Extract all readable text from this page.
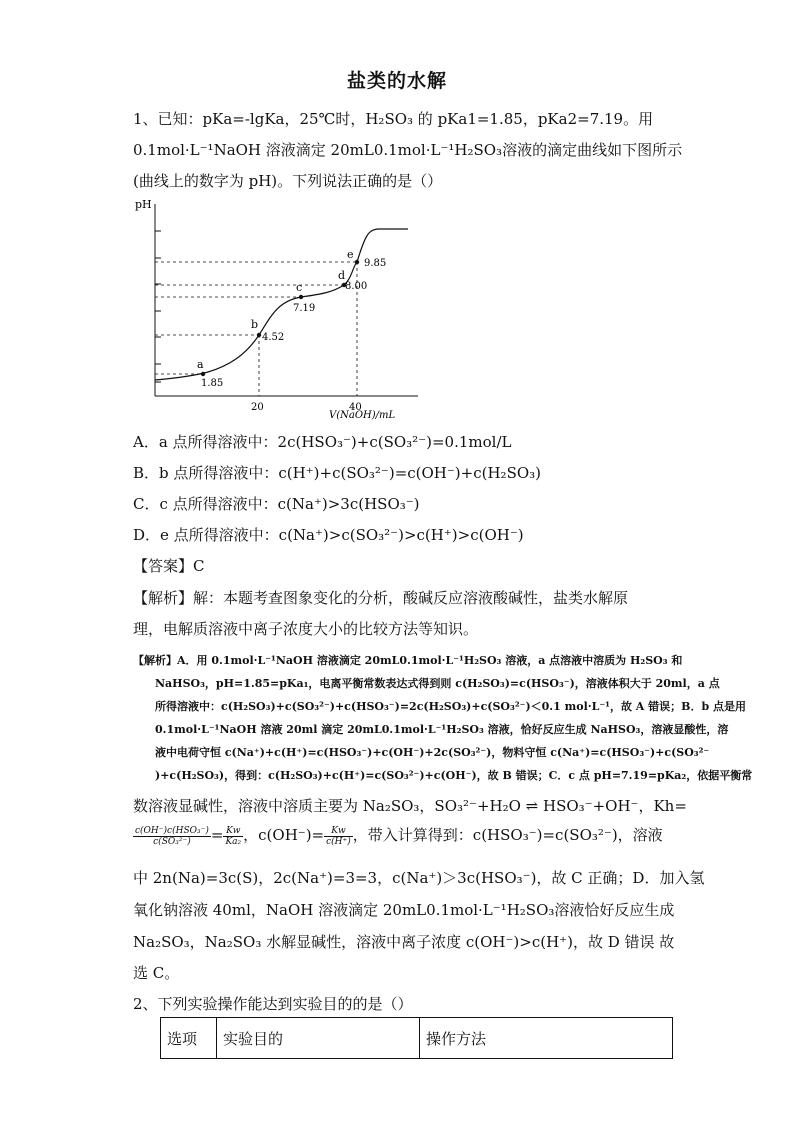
盐类的水解
1、已知：pKa=-lgKa，25℃时，H₂SO₃ 的 pKa1=1.85，pKa2=7.19。用
0.1mol·L⁻¹NaOH 溶液滴定 20mL0.1mol·L⁻¹H₂SO₃溶液的滴定曲线如下图所示
(曲线上的数字为 pH)。下列说法正确的是（）
pH
a
1.85
b
4.52
c
7.19
d
8.00
e
9.85
20	40
V(NaOH)/mL
A．a 点所得溶液中：2c(HSO₃⁻)+c(SO₃²⁻)=0.1mol/L
B．b 点所得溶液中：c(H⁺)+c(SO₃²⁻)=c(OH⁻)+c(H₂SO₃)
C．c 点所得溶液中：c(Na⁺)>3c(HSO₃⁻)
D．e 点所得溶液中：c(Na⁺)>c(SO₃²⁻)>c(H⁺)>c(OH⁻)
【答案】C
【解析】解：本题考查图象变化的分析，酸碱反应溶液酸碱性，盐类水解原
理，电解质溶液中离子浓度大小的比较方法等知识。
【解析】A．用 0.1mol·L⁻¹NaOH 溶液滴定 20mL0.1mol·L⁻¹H₂SO₃ 溶液，a 点溶液中溶质为 H₂SO₃ 和
NaHSO₃，pH=1.85=pKa₁，电离平衡常数表达式得到则 c(H₂SO₃)=c(HSO₃⁻)，溶液体积大于 20ml，a 点
所得溶液中：c(H₂SO₃)+c(SO₃²⁻)+c(HSO₃⁻)=2c(H₂SO₃)+c(SO₃²⁻)＜0.1 mol·L⁻¹，故 A 错误；B．b 点是用
0.1mol·L⁻¹NaOH 溶液 20ml 滴定 20mL0.1mol·L⁻¹H₂SO₃ 溶液，恰好反应生成 NaHSO₃，溶液显酸性，溶
液中电荷守恒 c(Na⁺)+c(H⁺)=c(HSO₃⁻)+c(OH⁻)+2c(SO₃²⁻)，物料守恒 c(Na⁺)=c(HSO₃⁻)+c(SO₃²⁻
)+c(H₂SO₃)，得到：c(H₂SO₃)+c(H⁺)=c(SO₃²⁻)+c(OH⁻)，故 B 错误；C．c 点 pH=7.19=pKa₂，依据平衡常
数溶液显碱性，溶液中溶质主要为 Na₂SO₃，SO₃²⁻+H₂O ⇌ HSO₃⁻+OH⁻，Kh=
$\frac{\text{c(OH⁻)c(HSO₃⁻)}}{\text{c(SO₃²⁻)}} = \frac{Kw}{\text{Ka₂}}$ ，$c(OH^-)= \frac{Kw}{c(H^+)}$ ，带入计算得到：c(HSO₃⁻)=c(SO₃²⁻)，溶液
中 2n(Na)=3c(S)，2c(Na⁺)=3=3，c(Na⁺)＞3c(HSO₃⁻)，故 C 正确；D．加入氢
氧化钠溶液 40ml，NaOH 溶液滴定 20mL0.1mol·L⁻¹H₂SO₃溶液恰好反应生成
Na₂SO₃，Na₂SO₃ 水解显碱性，溶液中离子浓度 c(OH⁻)>c(H⁺)，故 D 错误 故
选 C。
2、下列实验操作能达到实验目的的是（）
选项	实验目的	操作方法
